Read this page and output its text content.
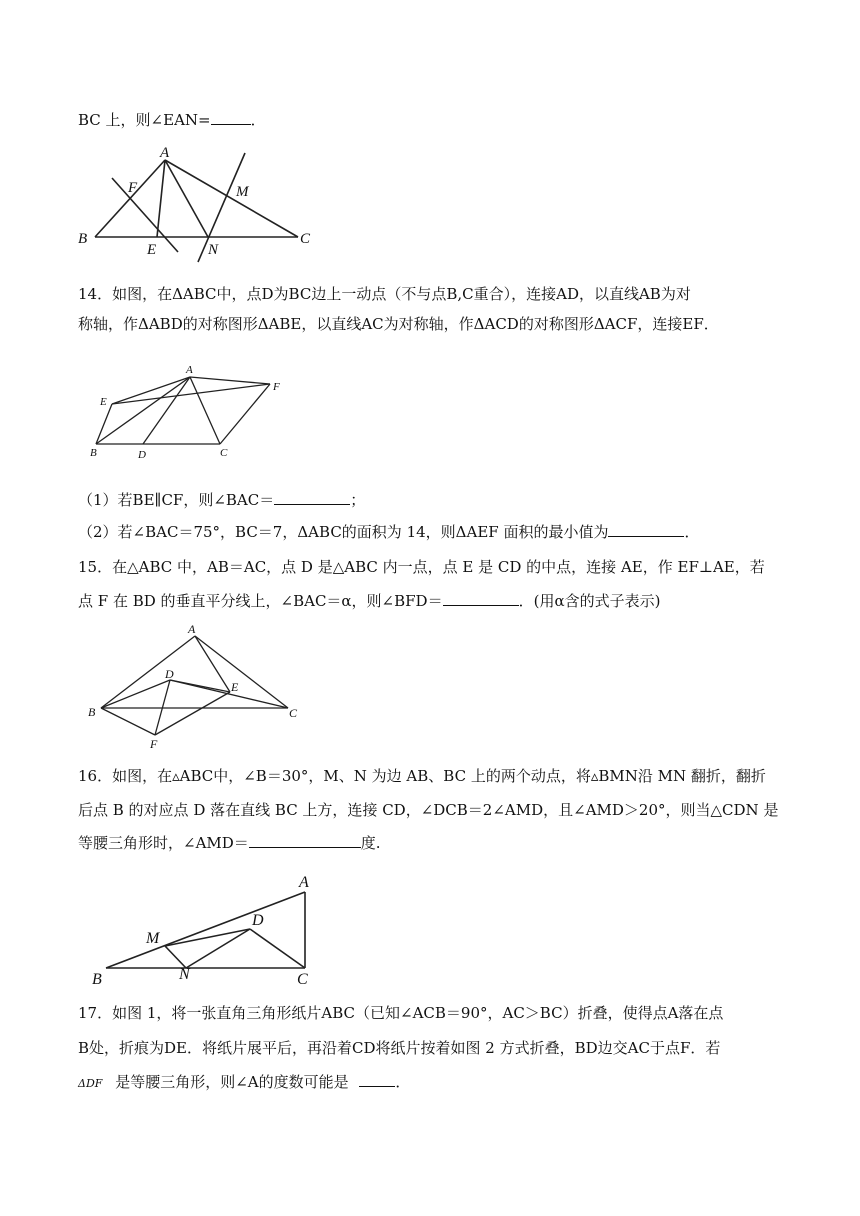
BC 上，则∠EAN=	．
A
F	M
B
E	N
C
14．如图，在ΔABC中，点D为BC边上一动点（不与点B,C重合），连接AD，以直线AB为对
称轴，作ΔABD的对称图形ΔABE，以直线AC为对称轴，作ΔACD的对称图形ΔACF，连接EF．
A
E
F
B	D	C
（1）若BE∥CF，则∠BAC＝	；
（2）若∠BAC＝75°，BC＝7，ΔABC的面积为 14，则ΔAEF 面积的最小值为	．
15．在△ABC 中，AB＝AC，点 D 是△ABC 内一点，点 E 是 CD 的中点，连接 AE，作 EF⊥AE，若
点 F 在 BD 的垂直平分线上，∠BAC＝α，则∠BFD＝	．(用α含的式子表示)
A
D
E
B	C
F
16．如图，在▵ABC中，∠B＝30°，M、N 为边 AB、BC 上的两个动点，将▵BMN沿 MN 翻折，翻折
后点 B 的对应点 D 落在直线 BC 上方，连接 CD，∠DCB＝2∠AMD，且∠AMD＞20°，则当△CDN 是
等腰三角形时，∠AMD＝	度.
A
D
M
B	N	C
17．如图 1，将一张直角三角形纸片ABC（已知∠ACB＝90°，AC＞BC）折叠，使得点A落在点
B处，折痕为DE．将纸片展平后，再沿着CD将纸片按着如图 2 方式折叠，BD边交AC于点F．若
ΔDF 是等腰三角形，则∠A的度数可能是	．
